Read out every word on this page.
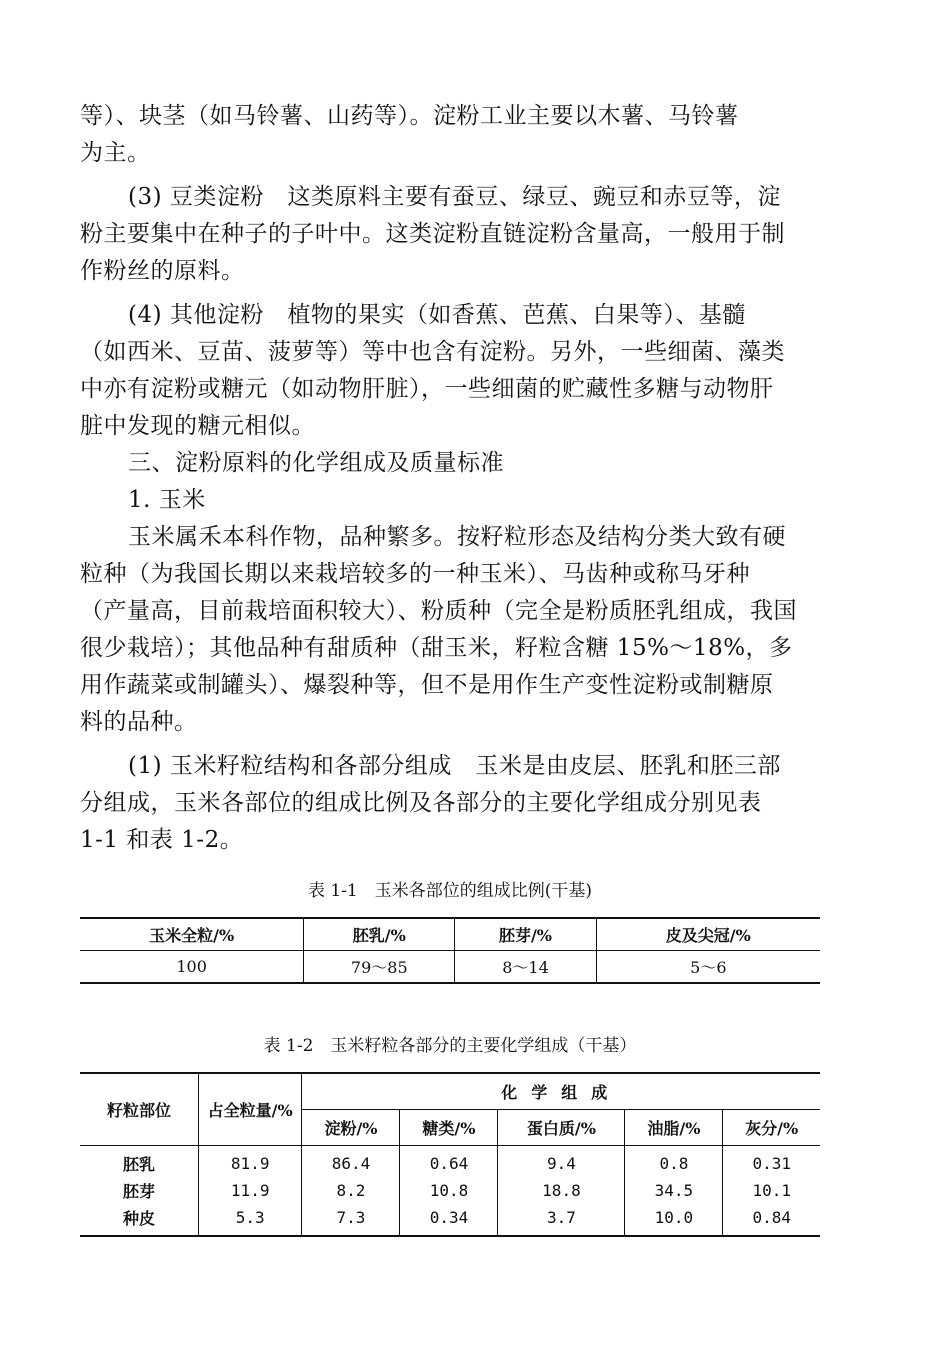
等）、块茎（如马铃薯、山药等）。淀粉工业主要以木薯、马铃薯
为主。
(3) 豆类淀粉　这类原料主要有蚕豆、绿豆、豌豆和赤豆等，淀
粉主要集中在种子的子叶中。这类淀粉直链淀粉含量高，一般用于制
作粉丝的原料。
(4) 其他淀粉　植物的果实（如香蕉、芭蕉、白果等）、基髓
（如西米、豆苗、菠萝等）等中也含有淀粉。另外，一些细菌、藻类
中亦有淀粉或糖元（如动物肝脏），一些细菌的贮藏性多糖与动物肝
脏中发现的糖元相似。
三、淀粉原料的化学组成及质量标准
1. 玉米
玉米属禾本科作物，品种繁多。按籽粒形态及结构分类大致有硬
粒种（为我国长期以来栽培较多的一种玉米）、马齿种或称马牙种
（产量高，目前栽培面积较大）、粉质种（完全是粉质胚乳组成，我国
很少栽培）；其他品种有甜质种（甜玉米，籽粒含糖 15%～18%，多
用作蔬菜或制罐头）、爆裂种等，但不是用作生产变性淀粉或制糖原
料的品种。
(1) 玉米籽粒结构和各部分组成　玉米是由皮层、胚乳和胚三部
分组成，玉米各部位的组成比例及各部分的主要化学组成分别见表
1-1 和表 1-2。
表 1-1　玉米各部位的组成比例(干基)
玉米全粒/%	胚乳/%	胚芽/%	皮及尖冠/%
100	79～85	8～14	5～6
表 1-2　玉米籽粒各部分的主要化学组成（干基）
籽粒部位	占全粒量/%	化学组成				
		淀粉/%	糖类/%	蛋白质/%	油脂/%	灰分/%
胚乳	81.9	86.4	0.64	9.4	0.8	0.31
胚芽	11.9	8.2	10.8	18.8	34.5	10.1
种皮	5.3	7.3	0.34	3.7	10.0	0.84
